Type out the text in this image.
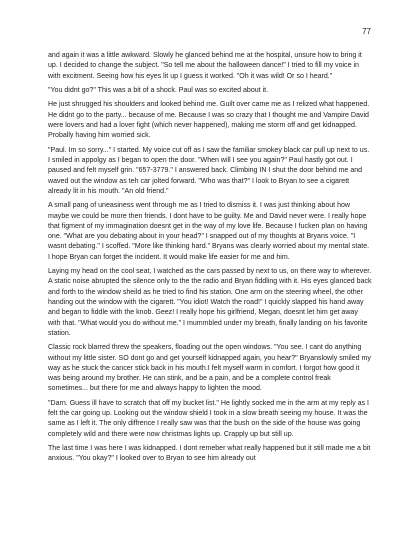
77

and again it was a little awkward. Slowly he glanced behind me at the hospital, unsure how to bring it up. I decided to change the subject. "So tell me about the halloween dance!" I tried to fill my voice in with excitment. Seeing how his eyes lit up I guess it worked. "Oh it was wild! Or so I heard."

"You didnt go?" This was a bit of a shock. Paul was so excited about it.

He just shrugged his shoulders and looked behind me. Guilt over came me as I relized what happened. He didnt go to the party... because of me. Because I was so crazy that I thought me and Vampire David were lovers and had a lover fight (which never happened), making me storm off and get kidnapped. Probally having him worried sick.

"Paul. Im so sorry..." I started. My voice cut off as I saw the familiar smokey black car pull up next to us. I smiled in appolgy as I began to open the door. "When will I see you again?" Paul hastly got out. I paused and felt myself grin. "657-3779." I answered back. Climbing IN I shut the door behind me and waved out the window as teh car jolted forward. "Who was that?" I look to Bryan to see a cigarett already lit in his mouth. "An old friend."

A small pang of uneasiness went through me as I tried to dismiss it. I was just thinking about how maybe we could be more then friends. I dont have to be guilty. Me and David never were. I really hope that figment of my immagination doesnt get in the way of my love life. Because I fucken plan on having one. "What are you debating about in your head?" I snapped out of my thoughts at Bryans voice. "I wasnt debating." I scoffed. "More like thinking hard." Bryans was clearly worried about my mental state. I hope Bryan can forget the incident. It would make life easier for me and him.

Laying my head on the cool seat, I watched as the cars passed by next to us, on there way to wherever. A static noise abrupted the silence only to the the radio and Bryan fiddling with it. His eyes glanced back and forth to the window sheild as he tried to find his station. One arm on the steering wheel, the other handing out the window with the cigarett. "You idiot! Watch the road!" I quickly slapped his hand away and began to fiddle with the knob. Geez! I really hope his girlfriend, Megan, doesnt let him get away with that. "What would you do without me." I mummbled under my breath, finally landing on his favorite station.

Classic rock blarred threw the speakers, floading out the open windows. "You see. I cant do anything without my little sister. SO dont go and get yourself kidnapped again, you hear?" Bryanslowly smiled my way as he stuck the cancer stick back in his mouth.I felt myself warm in comfort. I forgot how good it was being around my brother. He can stink, and be a pain, and be a complete control freak sometimes... but there for me and always happy to lighten the mood.

"Darn. Guess ill have to scratch that off my bucket list." He lightly socked me in the arm at my reply as I felt the car going up. Looking out the window shield I took in a slow breath seeing my house. It was the same as I left it. The only diffrence I really saw was that the bush on the side of the house was going completely wild and there were now christmas lights up. Crapply up but still up.

The last time I was here I was kidnapped. I dont remeber what really happened but it still made me a bit anxious. "You okay?" I looked over to Bryan to see him already out
